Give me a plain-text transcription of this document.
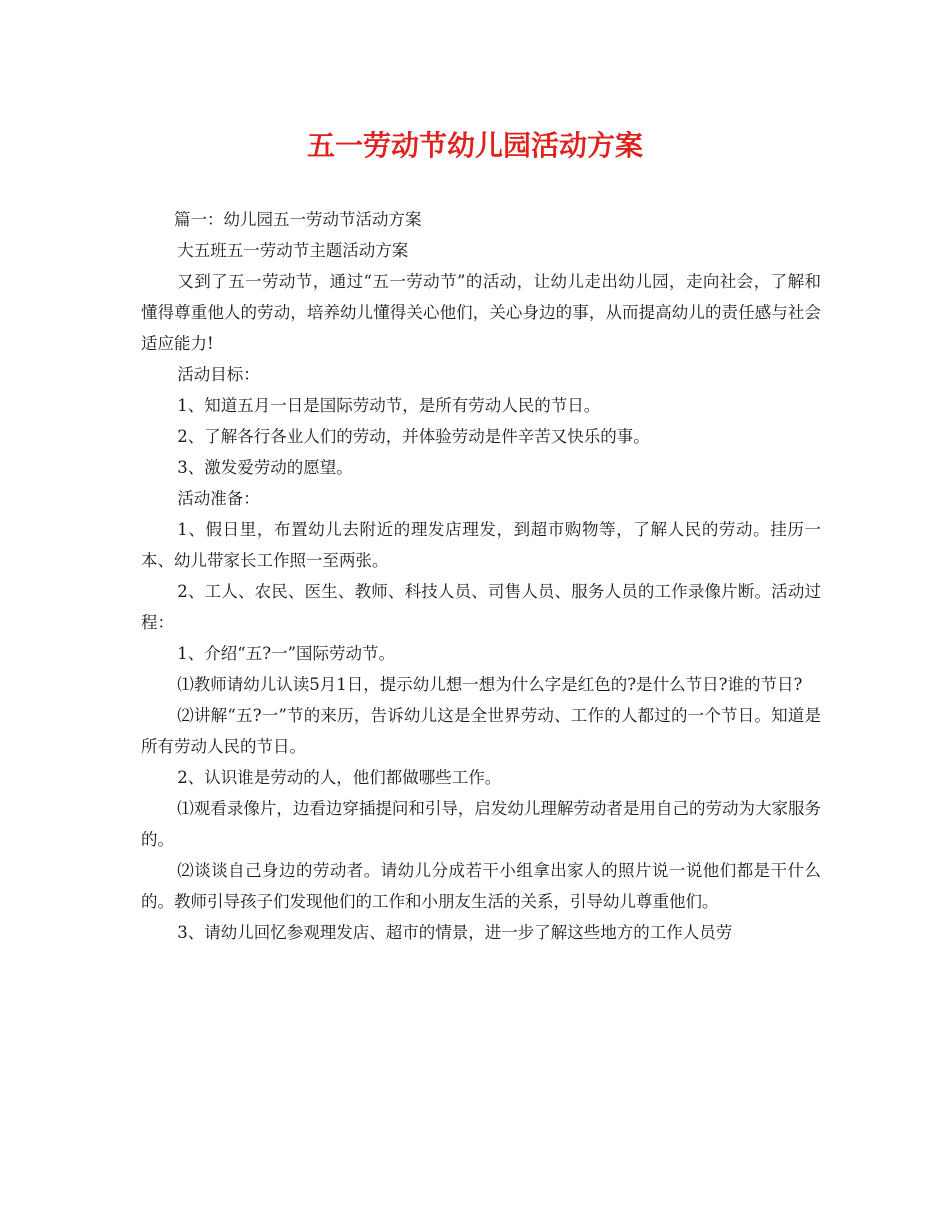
五一劳动节幼儿园活动方案

篇一：幼儿园五一劳动节活动方案

大五班五一劳动节主题活动方案

又到了五一劳动节，通过“五一劳动节”的活动，让幼儿走出幼儿园，走向社会，了解和懂得尊重他人的劳动，培养幼儿懂得关心他们，关心身边的事，从而提高幼儿的责任感与社会适应能力!

活动目标：

1、知道五月一日是国际劳动节，是所有劳动人民的节日。

2、了解各行各业人们的劳动，并体验劳动是件辛苦又快乐的事。

3、激发爱劳动的愿望。

活动准备：

1、假日里，布置幼儿去附近的理发店理发，到超市购物等，了解人民的劳动。挂历一本、幼儿带家长工作照一至两张。

2、工人、农民、医生、教师、科技人员、司售人员、服务人员的工作录像片断。活动过程：

1、介绍“五?一”国际劳动节。

⑴教师请幼儿认读5月1日，提示幼儿想一想为什么字是红色的?是什么节日?谁的节日?

⑵讲解“五?一”节的来历，告诉幼儿这是全世界劳动、工作的人都过的一个节日。知道是所有劳动人民的节日。

2、认识谁是劳动的人，他们都做哪些工作。

⑴观看录像片，边看边穿插提问和引导，启发幼儿理解劳动者是用自己的劳动为大家服务的。

⑵谈谈自己身边的劳动者。请幼儿分成若干小组拿出家人的照片说一说他们都是干什么的。教师引导孩子们发现他们的工作和小朋友生活的关系，引导幼儿尊重他们。

3、请幼儿回忆参观理发店、超市的情景，进一步了解这些地方的工作人员劳
